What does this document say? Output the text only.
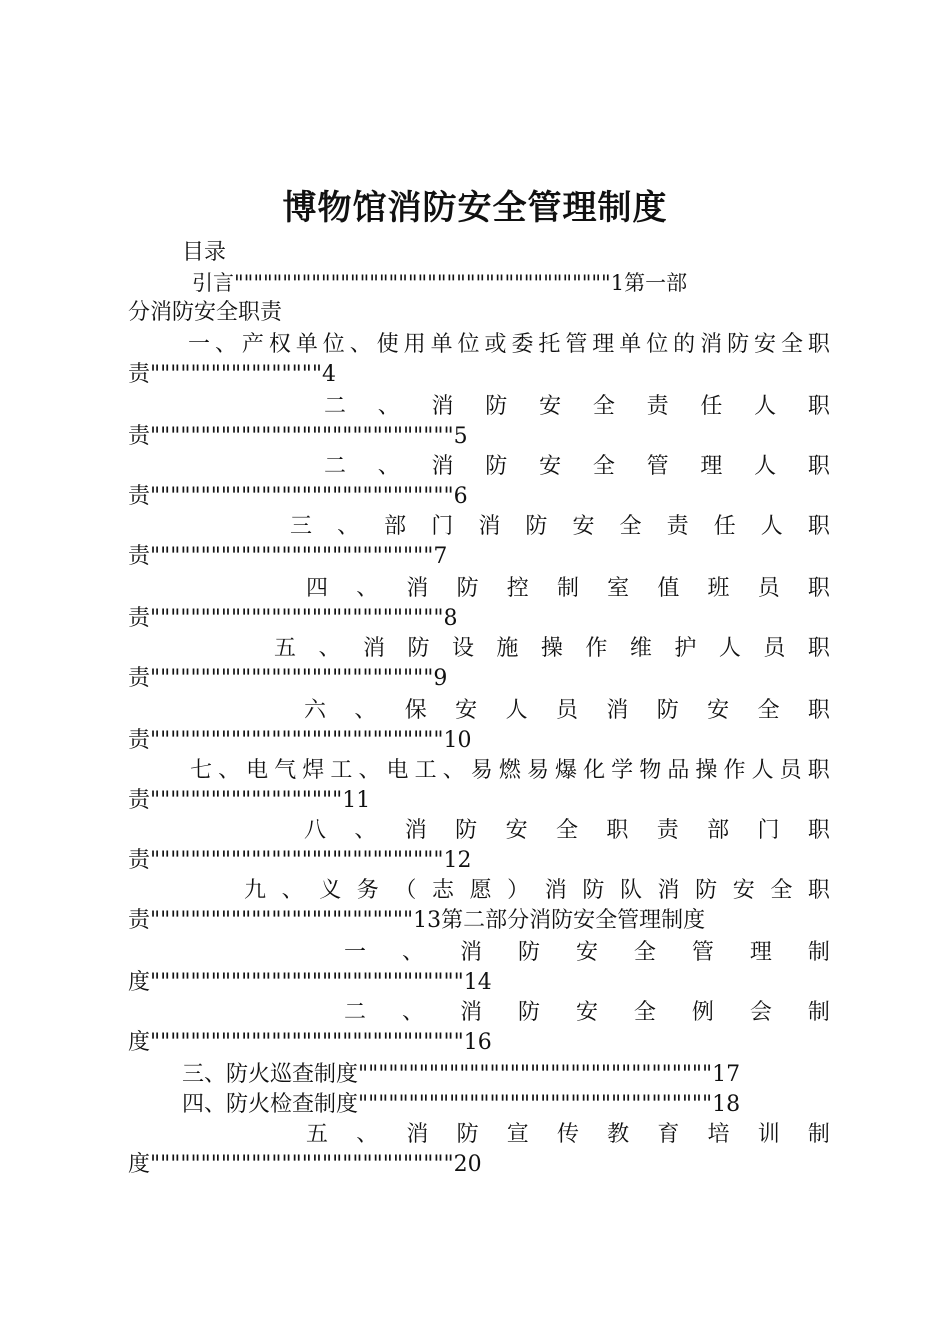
博物馆消防安全管理制度
目录
引言"""""""""""""""""""""""""""""""""""""""1第一部
分消防安全职责
一 、 产 权 单 位 、 使 用 单 位 或 委 托 管 理 单 位 的 消 防 安 全 职
责"""""""""""""""""4
二 、 消 防 安 全 责 任 人 职
责""""""""""""""""""""""""""""""5
二 、 消 防 安 全 管 理 人 职
责""""""""""""""""""""""""""""""6
三 、 部 门 消 防 安 全 责 任 人 职
责""""""""""""""""""""""""""""7
四 、 消 防 控 制 室 值 班 员 职
责"""""""""""""""""""""""""""""8
五 、 消 防 设 施 操 作 维 护 人 员 职
责""""""""""""""""""""""""""""9
六 、 保 安 人 员 消 防 安 全 职
责"""""""""""""""""""""""""""""10
七 、 电 气 焊 工 、 电 工 、 易 燃 易 爆 化 学 物 品 操 作 人 员 职
责"""""""""""""""""""11
八 、 消 防 安 全 职 责 部 门 职
责"""""""""""""""""""""""""""""12
九 、 义 务 （ 志 愿 ） 消 防 队 消 防 安 全 职
责""""""""""""""""""""""""""13第二部分消防安全管理制度
一 、 消 防 安 全 管 理 制
度"""""""""""""""""""""""""""""""14
二 、 消 防 安 全 例 会 制
度"""""""""""""""""""""""""""""""16
三、防火巡查制度"""""""""""""""""""""""""""""""""""17
四、防火检查制度"""""""""""""""""""""""""""""""""""18
五 、 消 防 宣 传 教 育 培 训 制
度""""""""""""""""""""""""""""""20
